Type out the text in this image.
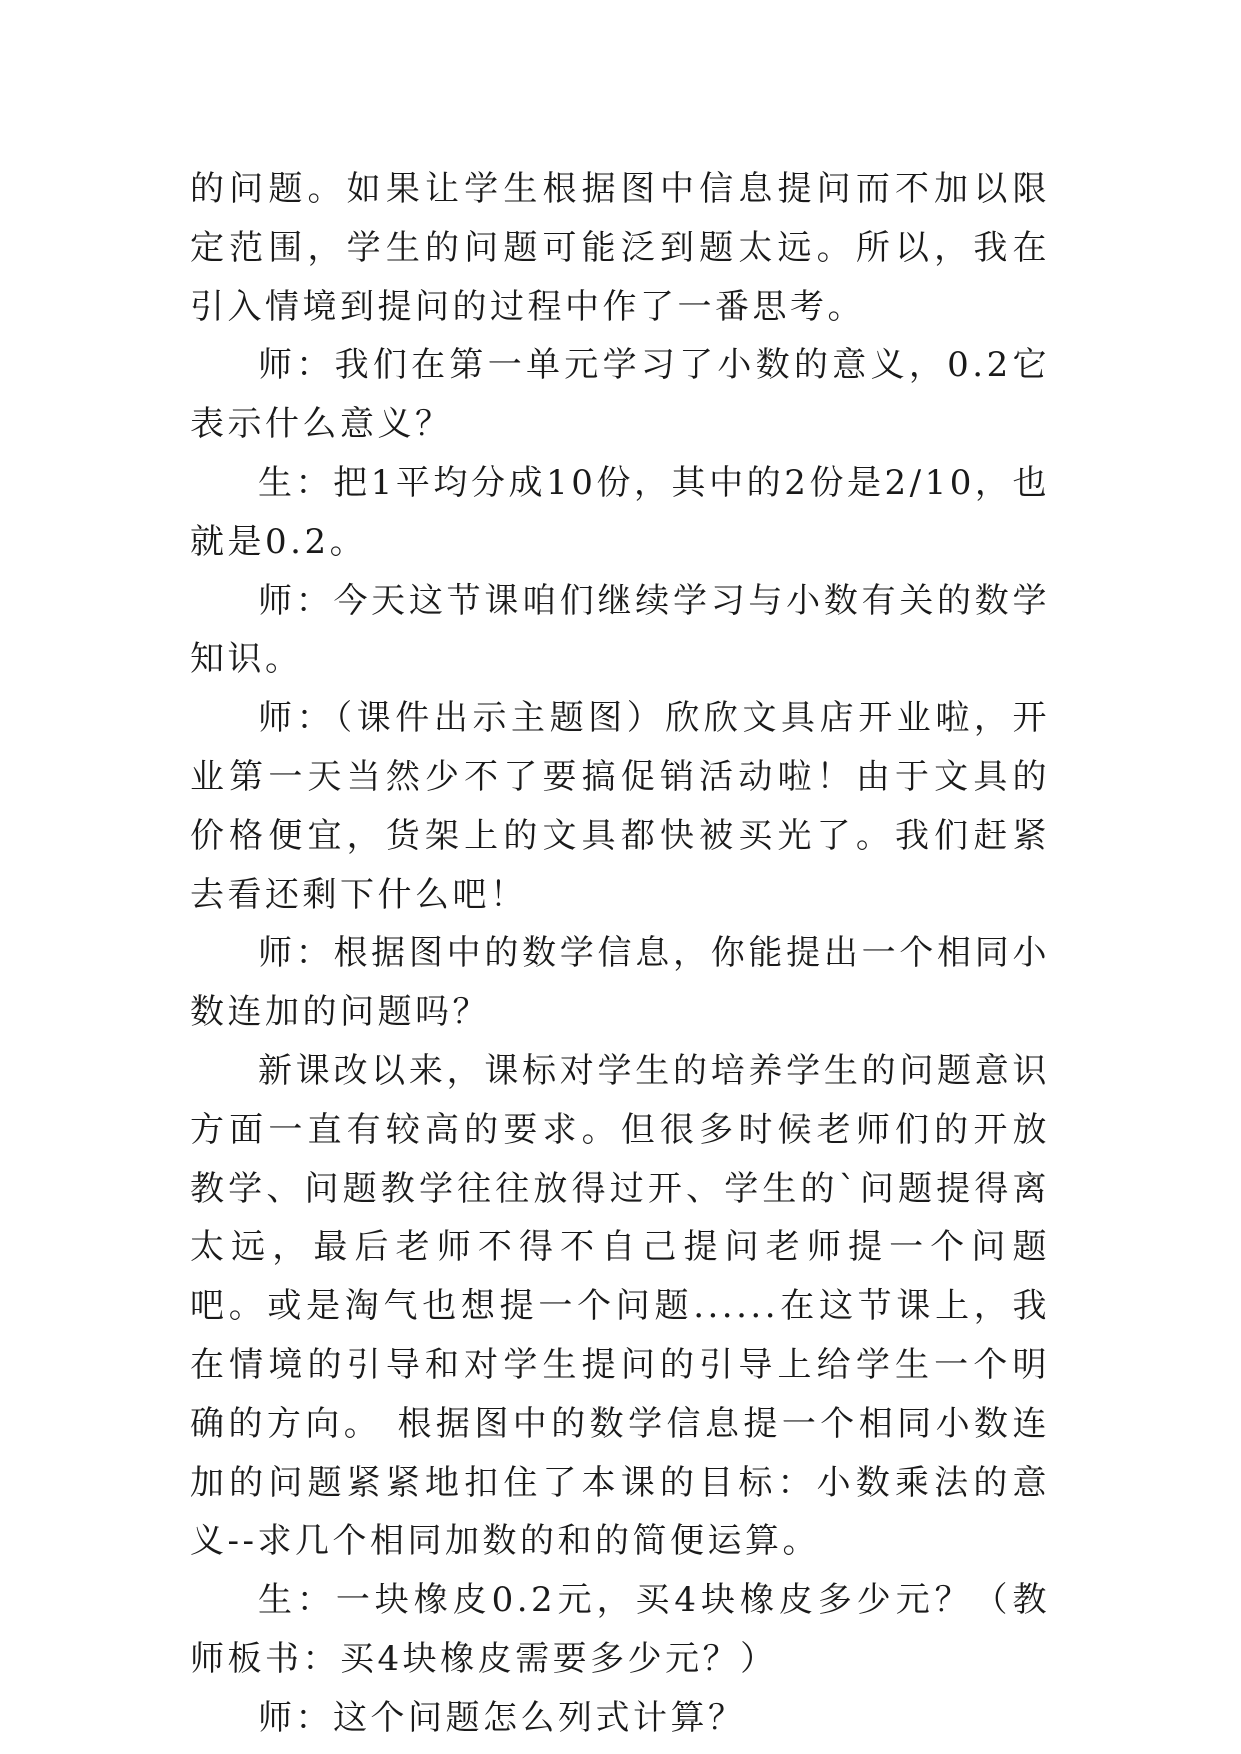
的问题。如果让学生根据图中信息提问而不加以限定范围，学生的问题可能泛到题太远。所以，我在引入情境到提问的过程中作了一番思考。

师：我们在第一单元学习了小数的意义，0.2它表示什么意义？

生：把1平均分成10份，其中的2份是2/10，也就是0.2。

师：今天这节课咱们继续学习与小数有关的数学知识。

师：（课件出示主题图）欣欣文具店开业啦，开业第一天当然少不了要搞促销活动啦！由于文具的价格便宜，货架上的文具都快被买光了。我们赶紧去看还剩下什么吧！

师：根据图中的数学信息，你能提出一个相同小数连加的问题吗？

新课改以来，课标对学生的培养学生的问题意识方面一直有较高的要求。但很多时候老师们的开放教学、问题教学往往放得过开、学生的`问题提得离太远，最后老师不得不自己提问老师提一个问题吧。或是淘气也想提一个问题......在这节课上，我在情境的引导和对学生提问的引导上给学生一个明确的方向。 根据图中的数学信息提一个相同小数连加的问题紧紧地扣住了本课的目标：小数乘法的意义--求几个相同加数的和的简便运算。

生：一块橡皮0.2元，买4块橡皮多少元？（教师板书：买4块橡皮需要多少元？）

师：这个问题怎么列式计算？
